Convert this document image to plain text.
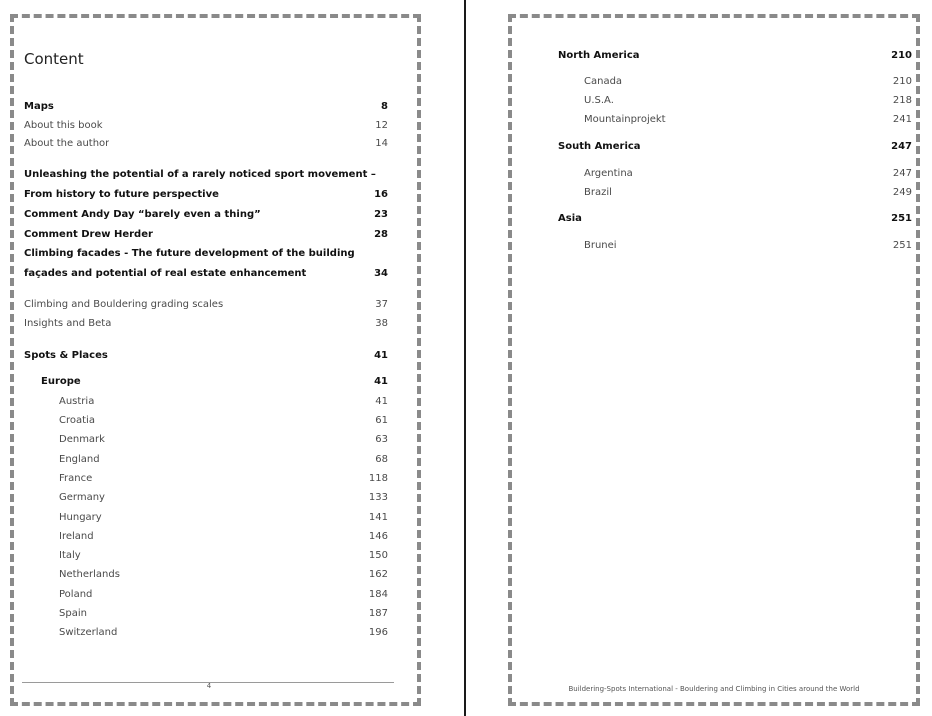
Content
Maps	8
About this book	12
About the author	14
Unleashing the potential of a rarely noticed sport movement –
From history to future perspective	16
Comment Andy Day “barely even a thing”	23
Comment Drew Herder	28
Climbing facades - The future development of the building
façades and potential of real estate enhancement	34
Climbing and Bouldering grading scales	37
Insights and Beta	38
Spots & Places	41
Europe	41
Austria	41
Croatia	61
Denmark	63
England	68
France	118
Germany	133
Hungary	141
Ireland	146
Italy	150
Netherlands	162
Poland	184
Spain	187
Switzerland	196
4
North America	210
Canada	210
U.S.A.	218
Mountainprojekt	241
South America	247
Argentina	247
Brazil	249
Asia	251
Brunei	251
Buildering-Spots International - Bouldering and Climbing in Cities around the World
